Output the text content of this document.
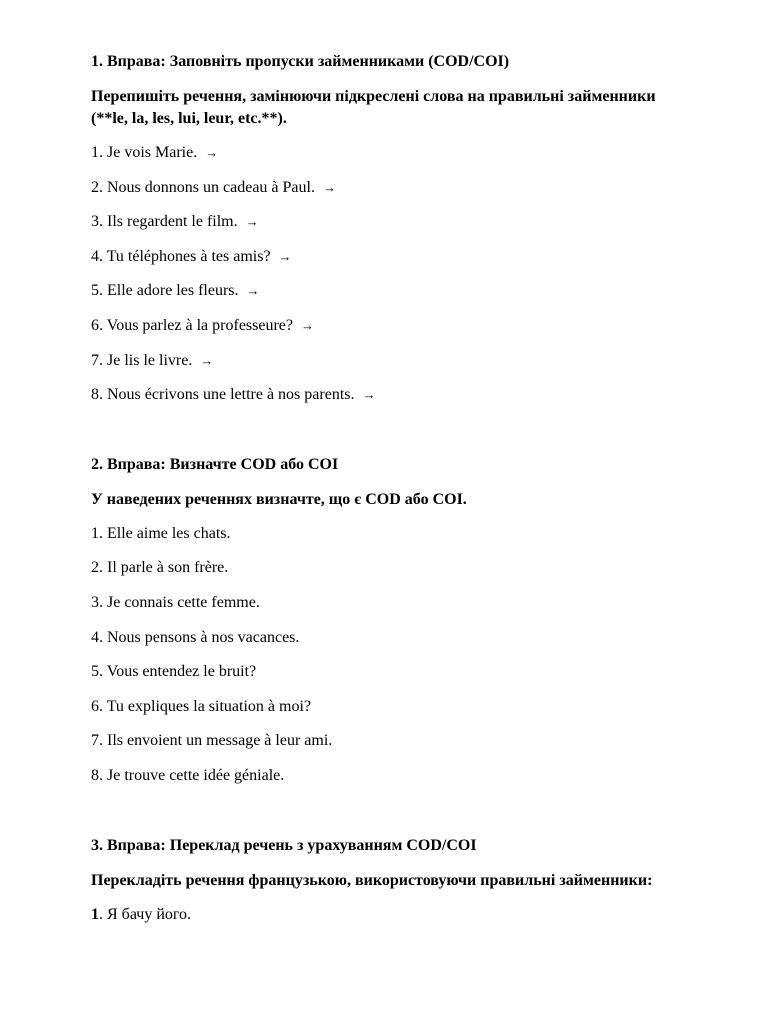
1. Вправа: Заповніть пропуски займенниками (COD/COI)
Перепишіть речення, замінюючи підкреслені слова на правильні займенники (**le, la, les, lui, leur, etc.**).
1. Je vois Marie. →
2. Nous donnons un cadeau à Paul. →
3. Ils regardent le film. →
4. Tu téléphones à tes amis? →
5. Elle adore les fleurs. →
6. Vous parlez à la professeure? →
7. Je lis le livre. →
8. Nous écrivons une lettre à nos parents. →
2. Вправа: Визначте COD або COI
У наведених реченнях визначте, що є COD або COI.
1. Elle aime les chats.
2. Il parle à son frère.
3. Je connais cette femme.
4. Nous pensons à nos vacances.
5. Vous entendez le bruit?
6. Tu expliques la situation à moi?
7. Ils envoient un message à leur ami.
8. Je trouve cette idée géniale.
3. Вправа: Переклад речень з урахуванням COD/COI
Перекладіть речення французькою, використовуючи правильні займенники:
1. Я бачу його.
